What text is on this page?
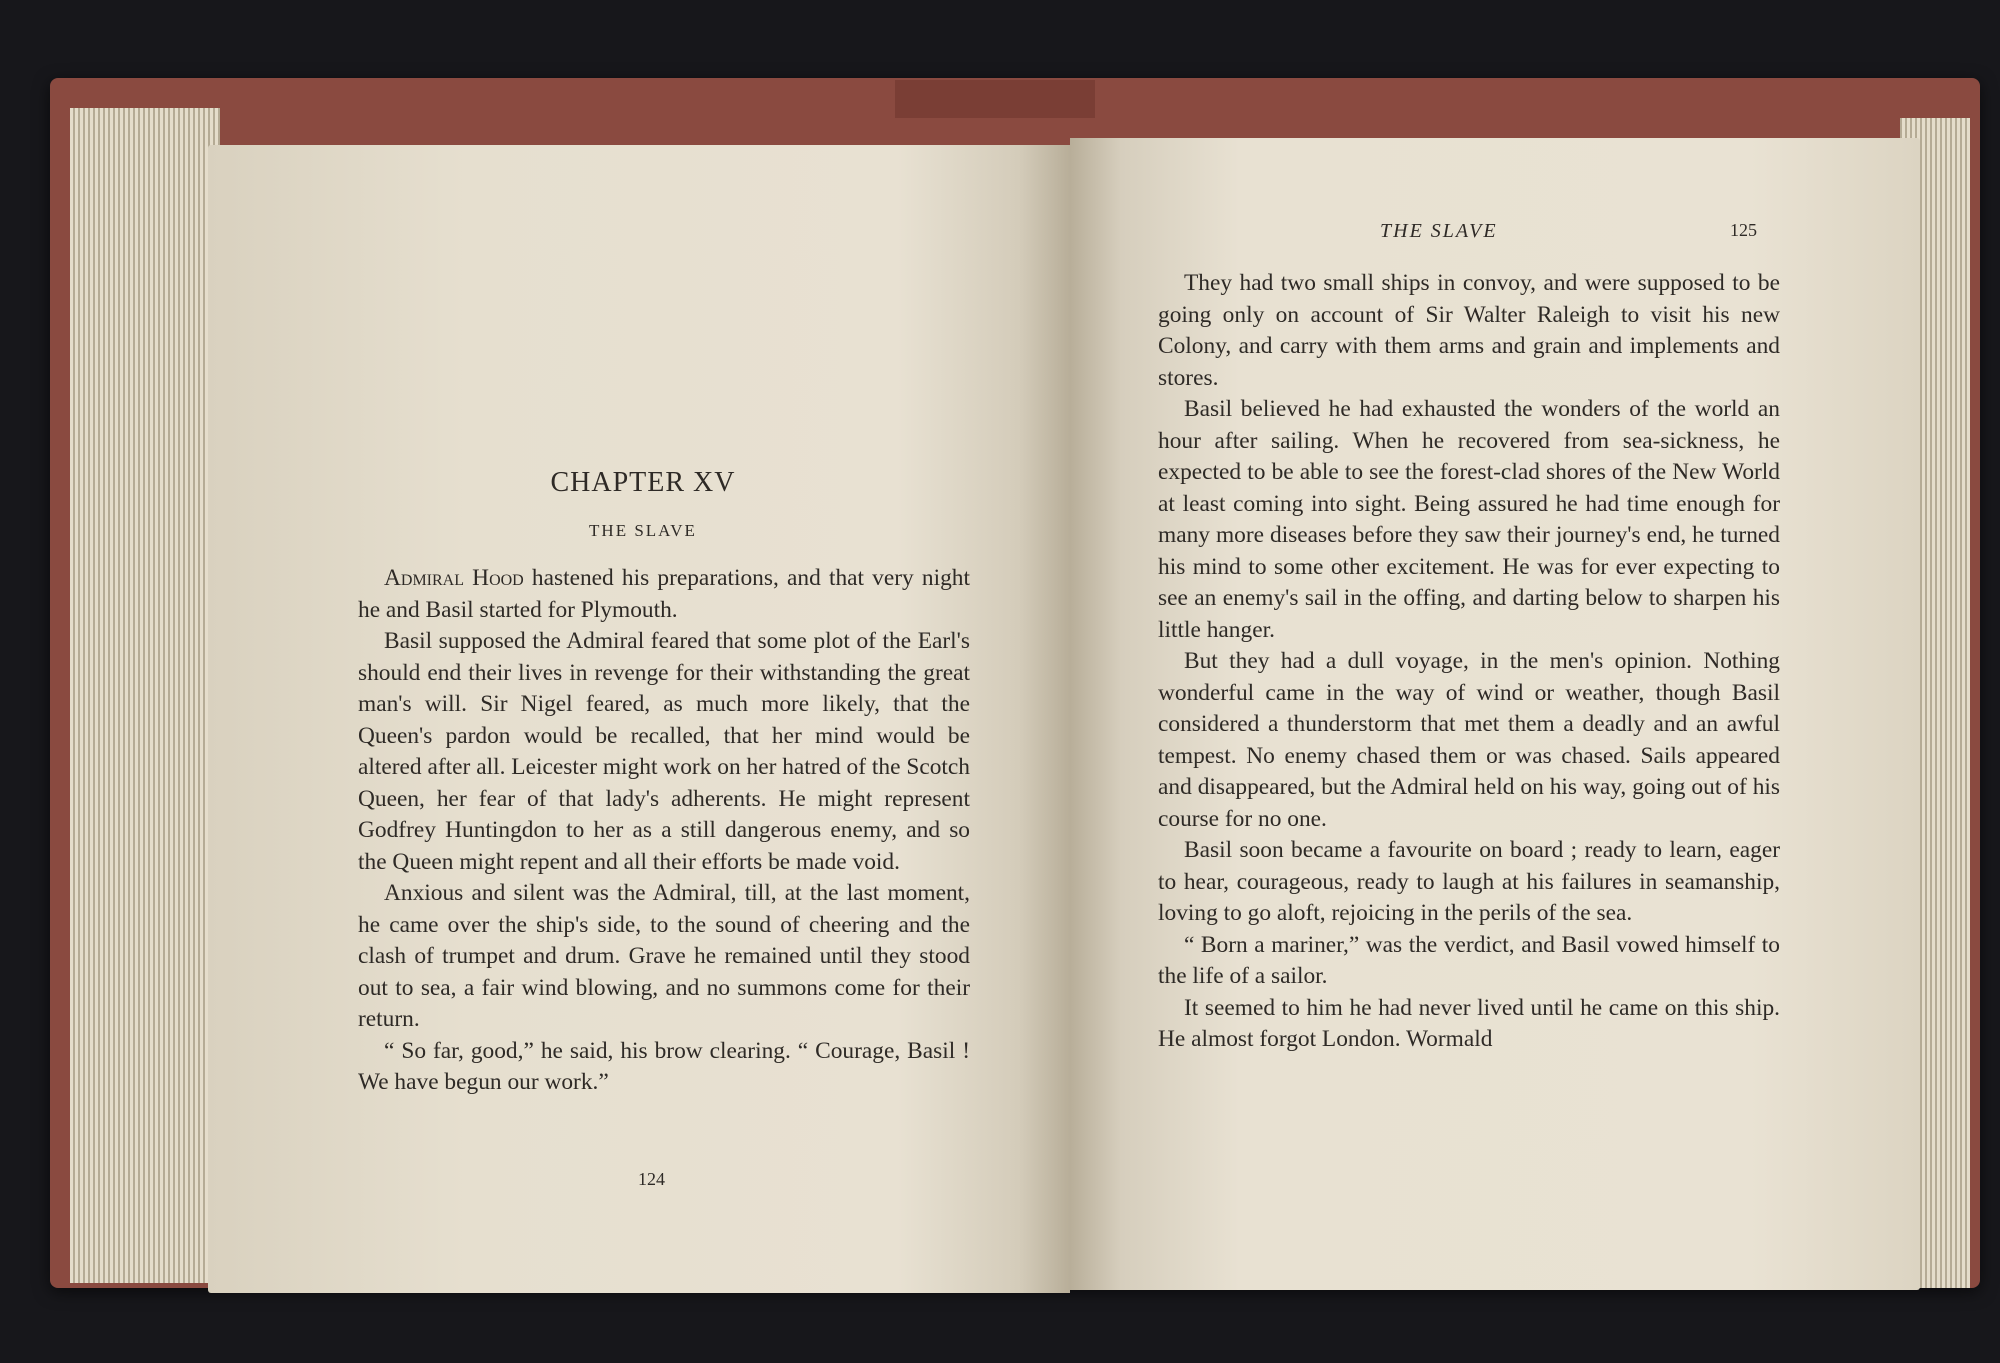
CHAPTER XV
THE SLAVE

Admiral Hood hastened his preparations, and that very night he and Basil started for Plymouth.

Basil supposed the Admiral feared that some plot of the Earl's should end their lives in revenge for their withstanding the great man's will. Sir Nigel feared, as much more likely, that the Queen's pardon would be recalled, that her mind would be altered after all. Leicester might work on her hatred of the Scotch Queen, her fear of that lady's adherents. He might represent Godfrey Huntingdon to her as a still dangerous enemy, and so the Queen might repent and all their efforts be made void.

Anxious and silent was the Admiral, till, at the last moment, he came over the ship's side, to the sound of cheering and the clash of trumpet and drum. Grave he remained until they stood out to sea, a fair wind blowing, and no summons come for their return.

“ So far, good,” he said, his brow clearing. “ Courage, Basil ! We have begun our work.”

124
THE SLAVE	125

They had two small ships in convoy, and were supposed to be going only on account of Sir Walter Raleigh to visit his new Colony, and carry with them arms and grain and implements and stores.

Basil believed he had exhausted the wonders of the world an hour after sailing. When he recovered from sea-sickness, he expected to be able to see the forest-clad shores of the New World at least coming into sight. Being assured he had time enough for many more diseases before they saw their journey's end, he turned his mind to some other excitement. He was for ever expecting to see an enemy's sail in the offing, and darting below to sharpen his little hanger.

But they had a dull voyage, in the men's opinion. Nothing wonderful came in the way of wind or weather, though Basil considered a thunderstorm that met them a deadly and an awful tempest. No enemy chased them or was chased. Sails appeared and disappeared, but the Admiral held on his way, going out of his course for no one.

Basil soon became a favourite on board ; ready to learn, eager to hear, courageous, ready to laugh at his failures in seamanship, loving to go aloft, rejoicing in the perils of the sea.

“ Born a mariner,” was the verdict, and Basil vowed himself to the life of a sailor.

It seemed to him he had never lived until he came on this ship. He almost forgot London. Wormald
